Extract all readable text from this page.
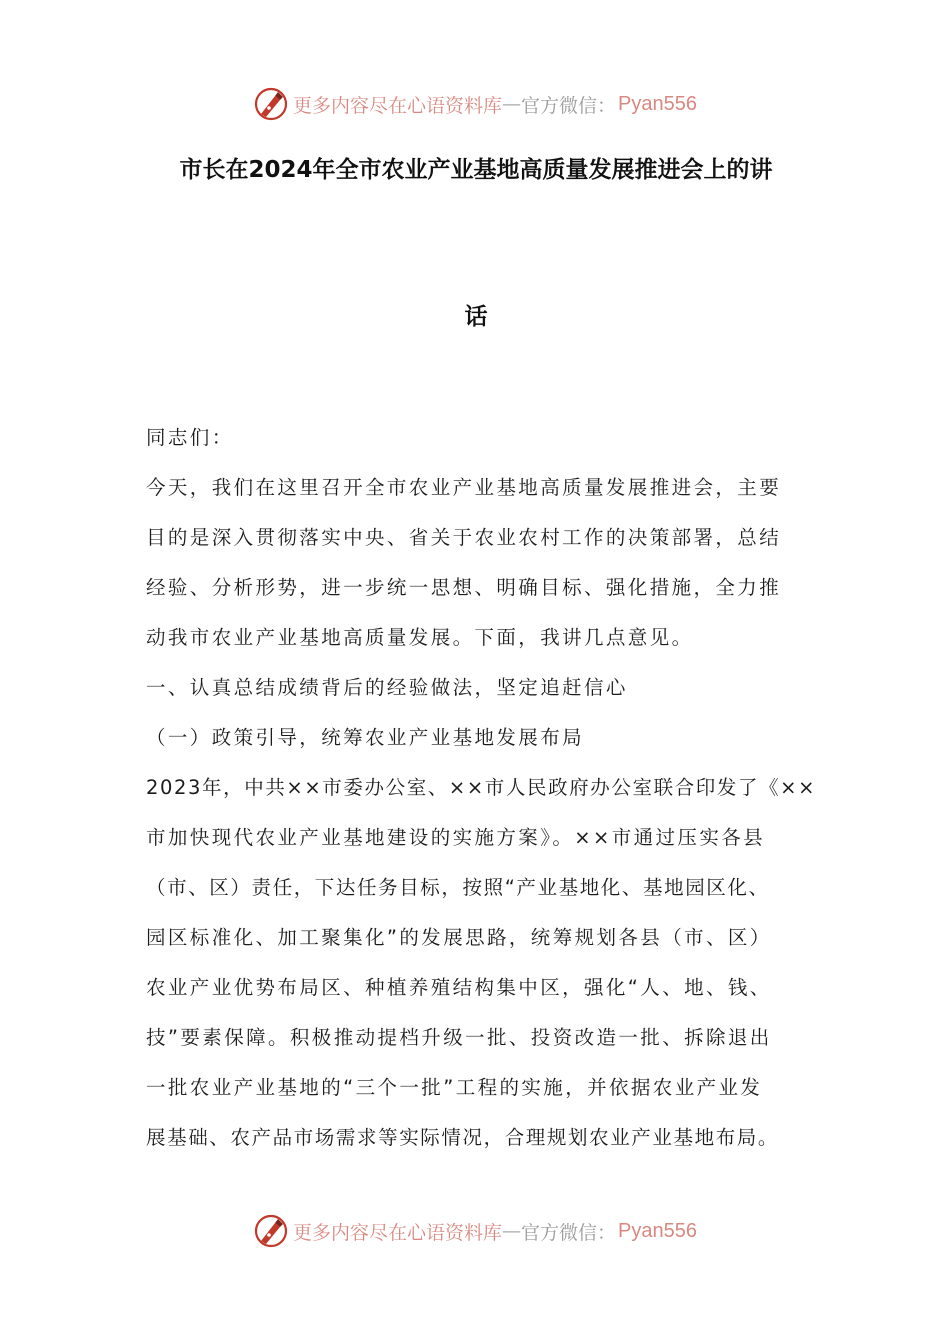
更多内容尽在心语资料库 — 官方微信： Pyan556
市长在2024年全市农业产业基地高质量发展推进会上的讲
话
同志们：
今天，我们在这里召开全市农业产业基地高质量发展推进会，主要
目的是深入贯彻落实中央、省关于农业农村工作的决策部署，总结
经验、分析形势，进一步统一思想、明确目标、强化措施，全力推
动我市农业产业基地高质量发展。下面，我讲几点意见。
一、认真总结成绩背后的经验做法，坚定追赶信心
（一）政策引导，统筹农业产业基地发展布局
2023年，中共××市委办公室、××市人民政府办公室联合印发了《××
市加快现代农业产业基地建设的实施方案》。××市通过压实各县
（市、区）责任，下达任务目标，按照“产业基地化、基地园区化、
园区标准化、加工聚集化”的发展思路，统筹规划各县（市、区）
农业产业优势布局区、种植养殖结构集中区，强化“人、地、钱、
技”要素保障。积极推动提档升级一批、投资改造一批、拆除退出
一批农业产业基地的“三个一批”工程的实施，并依据农业产业发
展基础、农产品市场需求等实际情况，合理规划农业产业基地布局。
更多内容尽在心语资料库 — 官方微信： Pyan556
